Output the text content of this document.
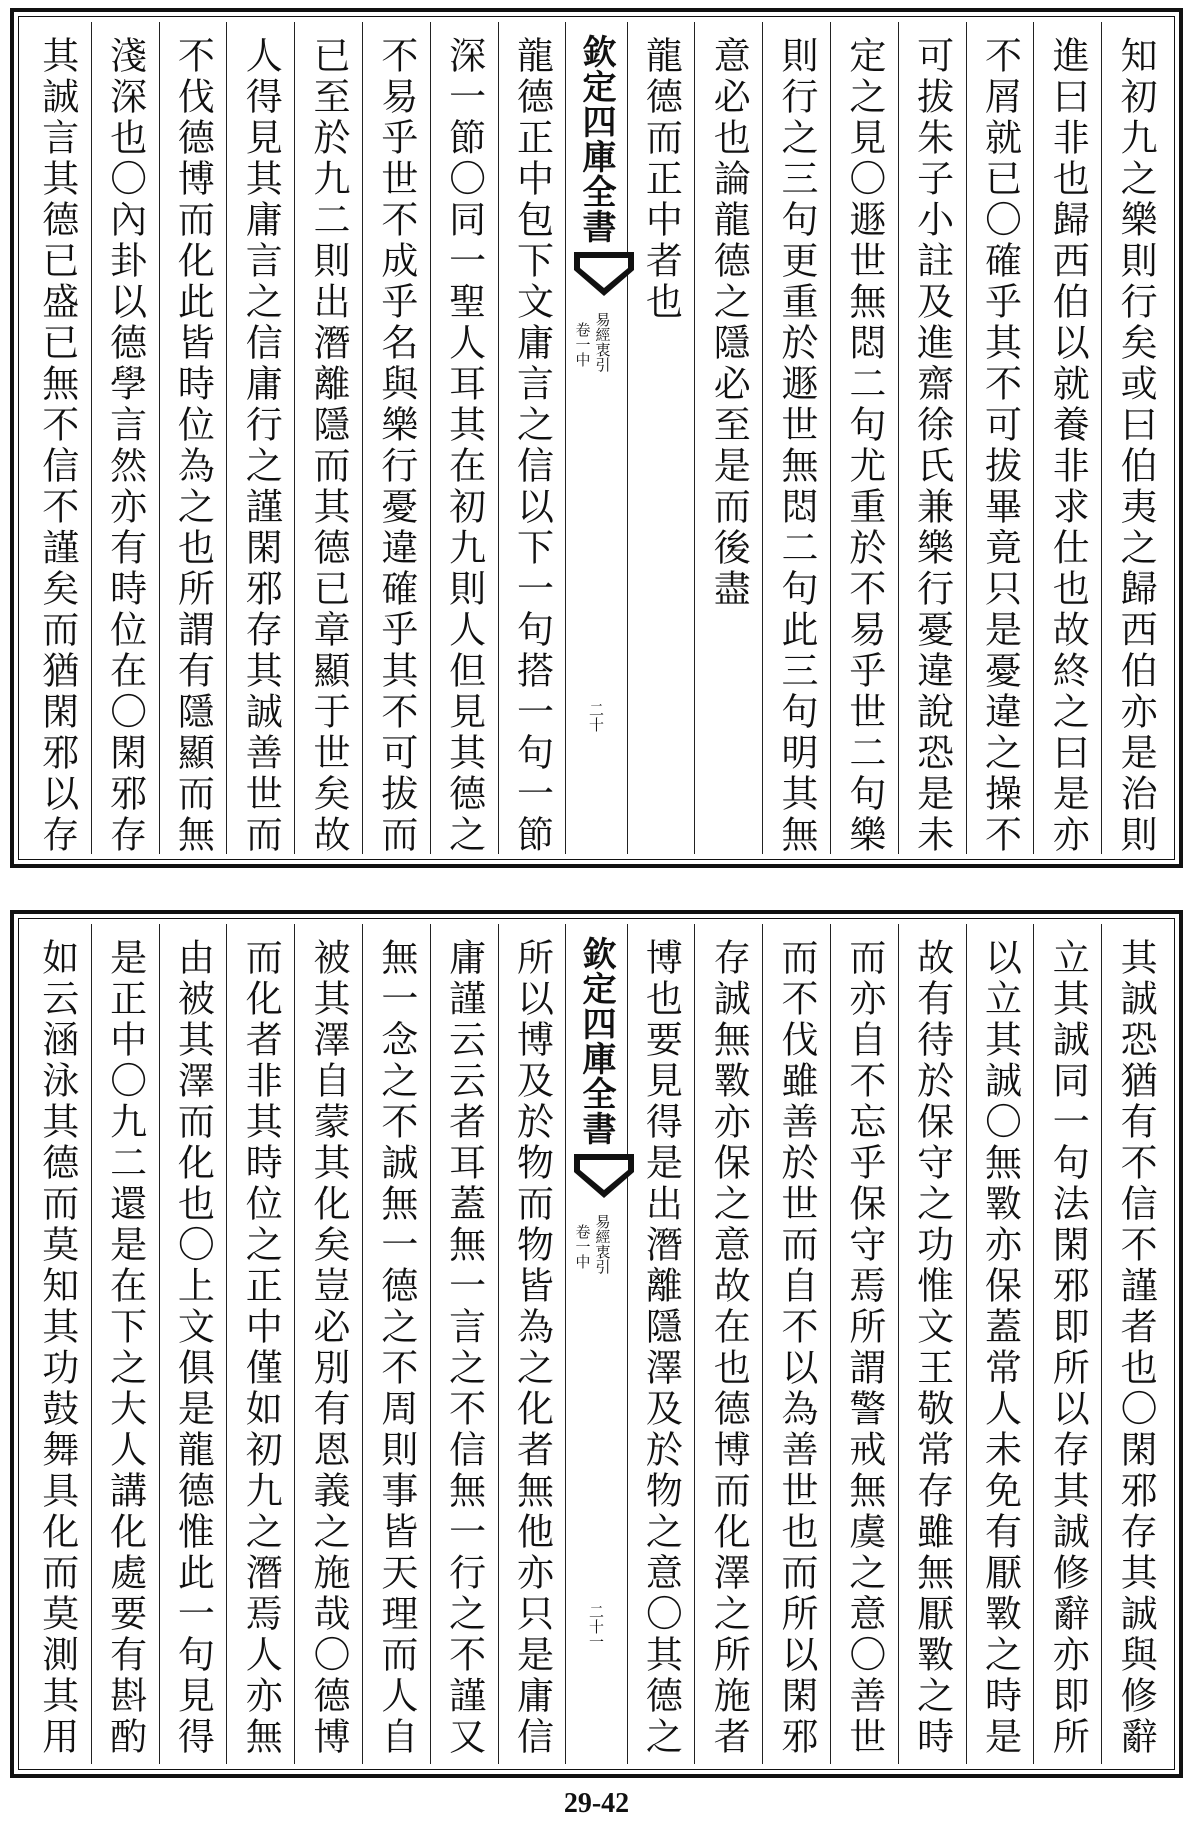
知初九之樂則行矣或曰伯夷之歸西伯亦是治則
進曰非也歸西伯以就養非求仕也故終之曰是亦
不屑就已〇確乎其不可拔畢竟只是憂違之操不
可拔朱子小註及進齋徐氏兼樂行憂違說恐是未
定之見〇遯世無悶二句尤重於不易乎世二句樂
則行之三句更重於遯世無悶二句此三句明其無
意必也論龍德之隱必至是而後盡
龍德而正中者也
欽定四庫全書
易經衷引
卷一中
二十
龍德正中包下文庸言之信以下一句搭一句一節
深一節〇同一聖人耳其在初九則人但見其德之
不易乎世不成乎名與樂行憂違確乎其不可拔而
已至於九二則出潛離隱而其德已章顯于世矣故
人得見其庸言之信庸行之謹閑邪存其誠善世而
不伐德博而化此皆時位為之也所謂有隱顯而無
淺深也〇內卦以德學言然亦有時位在〇閑邪存
其誠言其德已盛已無不信不謹矣而猶閑邪以存
其誠恐猶有不信不謹者也〇閑邪存其誠與修辭
立其誠同一句法閑邪即所以存其誠修辭亦即所
以立其誠〇無斁亦保蓋常人未免有厭斁之時是
故有待於保守之功惟文王敬常存雖無厭斁之時
而亦自不忘乎保守焉所謂警戒無虞之意〇善世
而不伐雖善於世而自不以為善世也而所以閑邪
存誠無斁亦保之意故在也德博而化澤之所施者
博也要見得是出潛離隱澤及於物之意〇其德之
欽定四庫全書
易經衷引
卷一中
二十一
所以博及於物而物皆為之化者無他亦只是庸信
庸謹云云者耳蓋無一言之不信無一行之不謹又
無一念之不誠無一德之不周則事皆天理而人自
被其澤自蒙其化矣豈必別有恩義之施哉〇德博
而化者非其時位之正中僅如初九之潛焉人亦無
由被其澤而化也〇上文俱是龍德惟此一句見得
是正中〇九二還是在下之大人講化處要有斟酌
如云涵泳其德而莫知其功鼓舞具化而莫測其用
29-42
